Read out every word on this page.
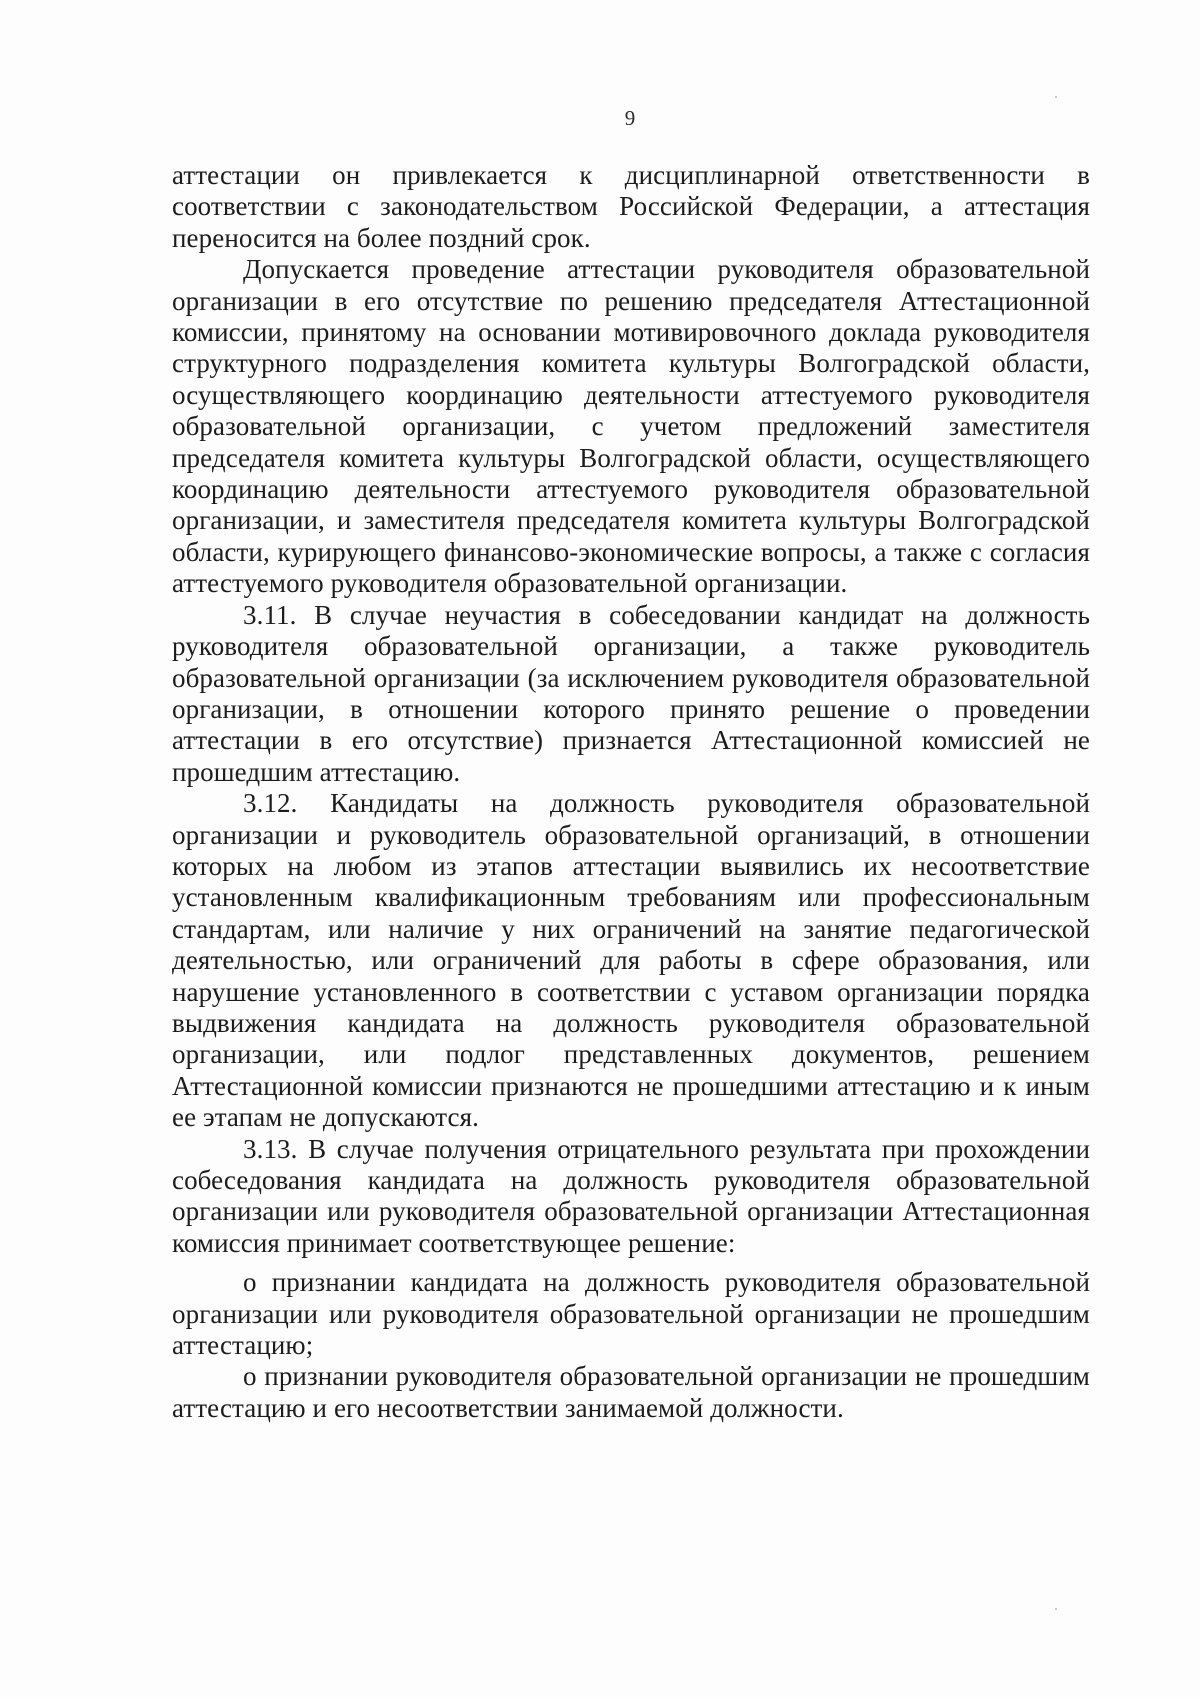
9

аттестации он привлекается к дисциплинарной ответственности в соответствии с законодательством Российской Федерации, а аттестация переносится на более поздний срок.

Допускается проведение аттестации руководителя образовательной организации в его отсутствие по решению председателя Аттестационной комиссии, принятому на основании мотивировочного доклада руководителя структурного подразделения комитета культуры Волгоградской области, осуществляющего координацию деятельности аттестуемого руководителя образовательной организации, с учетом предложений заместителя председателя комитета культуры Волгоградской области, осуществляющего координацию деятельности аттестуемого руководителя образовательной организации, и заместителя председателя комитета культуры Волгоградской области, курирующего финансово-экономические вопросы, а также с согласия аттестуемого руководителя образовательной организации.

3.11. В случае неучастия в собеседовании кандидат на должность руководителя образовательной организации, а также руководитель образовательной организации (за исключением руководителя образовательной организации, в отношении которого принято решение о проведении аттестации в его отсутствие) признается Аттестационной комиссией не прошедшим аттестацию.

3.12. Кандидаты на должность руководителя образовательной организации и руководитель образовательной организаций, в отношении которых на любом из этапов аттестации выявились их несоответствие установленным квалификационным требованиям или профессиональным стандартам, или наличие у них ограничений на занятие педагогической деятельностью, или ограничений для работы в сфере образования, или нарушение установленного в соответствии с уставом организации порядка выдвижения кандидата на должность руководителя образовательной организации, или подлог представленных документов, решением Аттестационной комиссии признаются не прошедшими аттестацию и к иным ее этапам не допускаются.

3.13. В случае получения отрицательного результата при прохождении собеседования кандидата на должность руководителя образовательной организации или руководителя образовательной организации Аттестационная комиссия принимает соответствующее решение:

о признании кандидата на должность руководителя образовательной организации или руководителя образовательной организации не прошедшим аттестацию;

о признании руководителя образовательной организации не прошедшим аттестацию и его несоответствии занимаемой должности.
